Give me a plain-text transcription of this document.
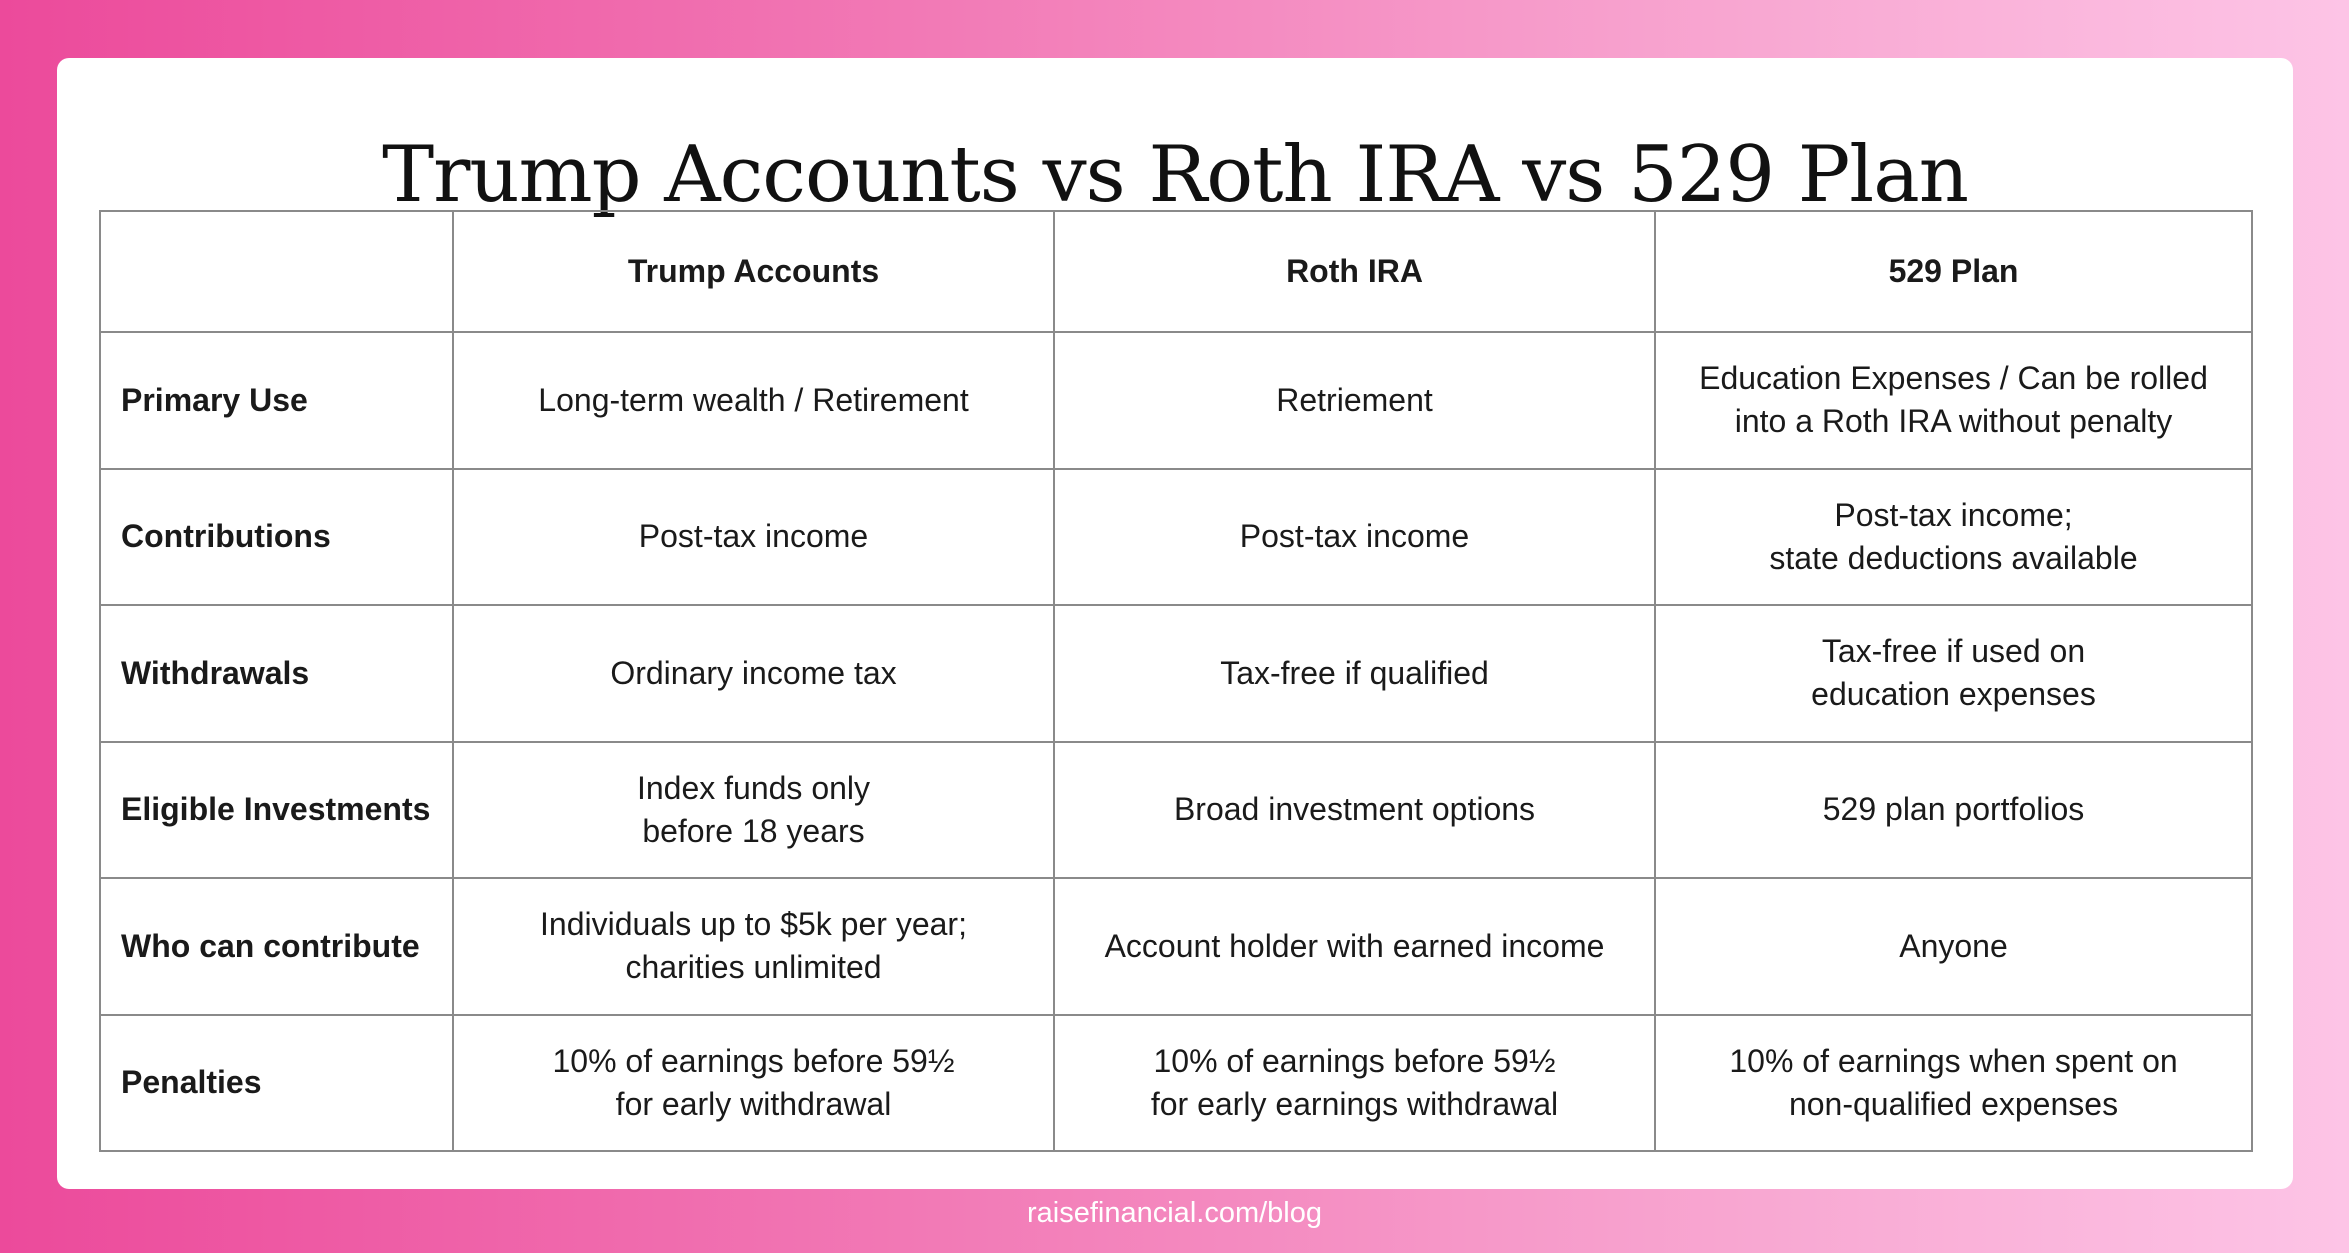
Trump Accounts vs Roth IRA vs 529 Plan
	Trump Accounts	Roth IRA	529 Plan
Primary Use	Long-term wealth / Retirement	Retriement	Education Expenses / Can be rolled
into a Roth IRA without penalty

Contributions	Post-tax income	Post-tax income	Post-tax income;
state deductions available

Withdrawals	Ordinary income tax	Tax-free if qualified	Tax-free if used on
education expenses

Eligible Investments	Index funds only
before 18 years	Broad investment options	529 plan portfolios

Who can contribute	Individuals up to $5k per year;
charities unlimited	Account holder with earned income	Anyone

Penalties	10% of earnings before 59½
for early withdrawal	10% of earnings before 59½
for early earnings withdrawal	10% of earnings when spent on
non-qualified expenses
raisefinancial.com/blog
